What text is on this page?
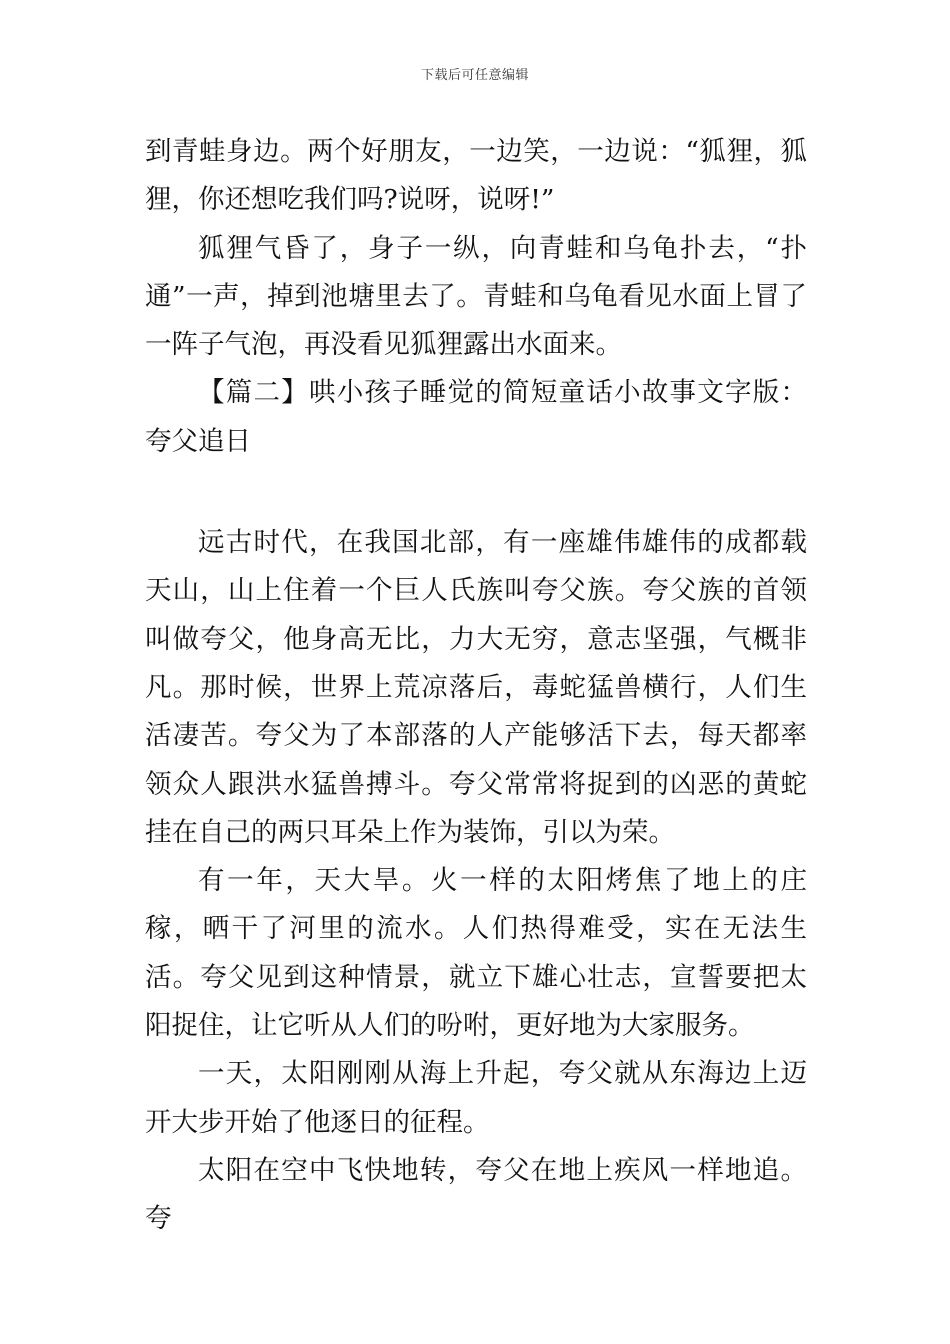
下载后可任意编辑

到青蛙身边。两个好朋友，一边笑，一边说：“狐狸，狐狸，你还想吃我们吗?说呀，说呀!”

狐狸气昏了，身子一纵，向青蛙和乌龟扑去，“扑通”一声，掉到池塘里去了。青蛙和乌龟看见水面上冒了一阵子气泡，再没看见狐狸露出水面来。

【篇二】哄小孩子睡觉的简短童话小故事文字版：夸父追日

远古时代，在我国北部，有一座雄伟雄伟的成都载天山，山上住着一个巨人氏族叫夸父族。夸父族的首领叫做夸父，他身高无比，力大无穷，意志坚强，气概非凡。那时候，世界上荒凉落后，毒蛇猛兽横行，人们生活凄苦。夸父为了本部落的人产能够活下去，每天都率领众人跟洪水猛兽搏斗。夸父常常将捉到的凶恶的黄蛇挂在自己的两只耳朵上作为装饰，引以为荣。

有一年，天大旱。火一样的太阳烤焦了地上的庄稼，晒干了河里的流水。人们热得难受，实在无法生活。夸父见到这种情景，就立下雄心壮志，宣誓要把太阳捉住，让它听从人们的吩咐，更好地为大家服务。

一天，太阳刚刚从海上升起，夸父就从东海边上迈开大步开始了他逐日的征程。

太阳在空中飞快地转，夸父在地上疾风一样地追。夸
